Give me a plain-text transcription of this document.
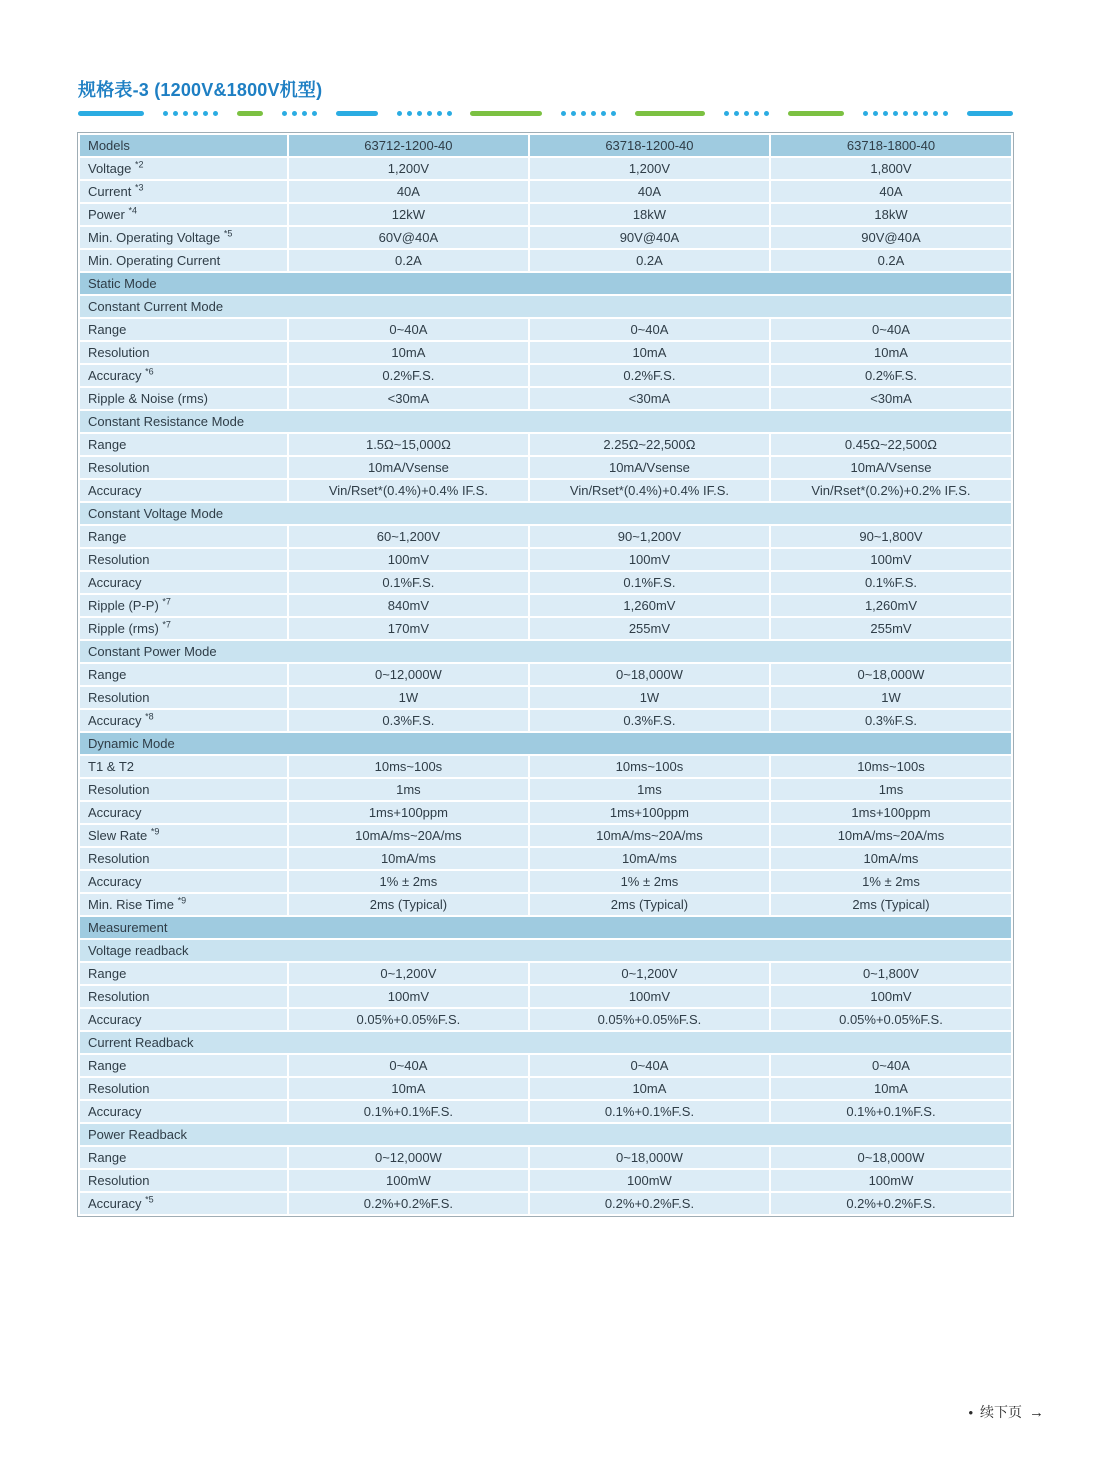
规格表-3 (1200V&1800V机型)
Models	63712-1200-40	63718-1200-40	63718-1800-40
Voltage $^{*2}$	1,200V	1,200V	1,800V
Current $^{*3}$	40A	40A	40A
Power $^{*4}$	12kW	18kW	18kW
Min. Operating Voltage $^{*5}$	60V@40A	90V@40A	90V@40A
Min. Operating Current	0.2A	0.2A	0.2A
Static Mode			
Constant Current Mode			
Range	0~40A	0~40A	0~40A
Resolution	10mA	10mA	10mA
Accuracy $^{*6}$	0.2%F.S.	0.2%F.S.	0.2%F.S.
Ripple & Noise (rms)	<30mA	<30mA	<30mA
Constant Resistance Mode			
Range	1.5Ω~15,000Ω	2.25Ω~22,500Ω	0.45Ω~22,500Ω
Resolution	10mA/Vsense	10mA/Vsense	10mA/Vsense
Accuracy	Vin/Rset*(0.4%)+0.4% IF.S.	Vin/Rset*(0.4%)+0.4% IF.S.	Vin/Rset*(0.2%)+0.2% IF.S.
Constant Voltage Mode			
Range	60~1,200V	90~1,200V	90~1,800V
Resolution	100mV	100mV	100mV
Accuracy	0.1%F.S.	0.1%F.S.	0.1%F.S.
Ripple (P-P) $^{*7}$	840mV	1,260mV	1,260mV
Ripple (rms) $^{*7}$	170mV	255mV	255mV
Constant Power Mode			
Range	0~12,000W	0~18,000W	0~18,000W
Resolution	1W	1W	1W
Accuracy $^{*8}$	0.3%F.S.	0.3%F.S.	0.3%F.S.
Dynamic Mode			
T1 & T2	10ms~100s	10ms~100s	10ms~100s
Resolution	1ms	1ms	1ms
Accuracy	1ms+100ppm	1ms+100ppm	1ms+100ppm
Slew Rate $^{*9}$	10mA/ms~20A/ms	10mA/ms~20A/ms	10mA/ms~20A/ms
Resolution	10mA/ms	10mA/ms	10mA/ms
Accuracy	1% ± 2ms	1% ± 2ms	1% ± 2ms
Min. Rise Time $^{*9}$	2ms (Typical)	2ms (Typical)	2ms (Typical)
Measurement			
Voltage readback			
Range	0~1,200V	0~1,200V	0~1,800V
Resolution	100mV	100mV	100mV
Accuracy	0.05%+0.05%F.S.	0.05%+0.05%F.S.	0.05%+0.05%F.S.
Current Readback			
Range	0~40A	0~40A	0~40A
Resolution	10mA	10mA	10mA
Accuracy	0.1%+0.1%F.S.	0.1%+0.1%F.S.	0.1%+0.1%F.S.
Power Readback			
Range	0~12,000W	0~18,000W	0~18,000W
Resolution	100mW	100mW	100mW
Accuracy $^{*5}$	0.2%+0.2%F.S.	0.2%+0.2%F.S.	0.2%+0.2%F.S.
• 续下页 →
